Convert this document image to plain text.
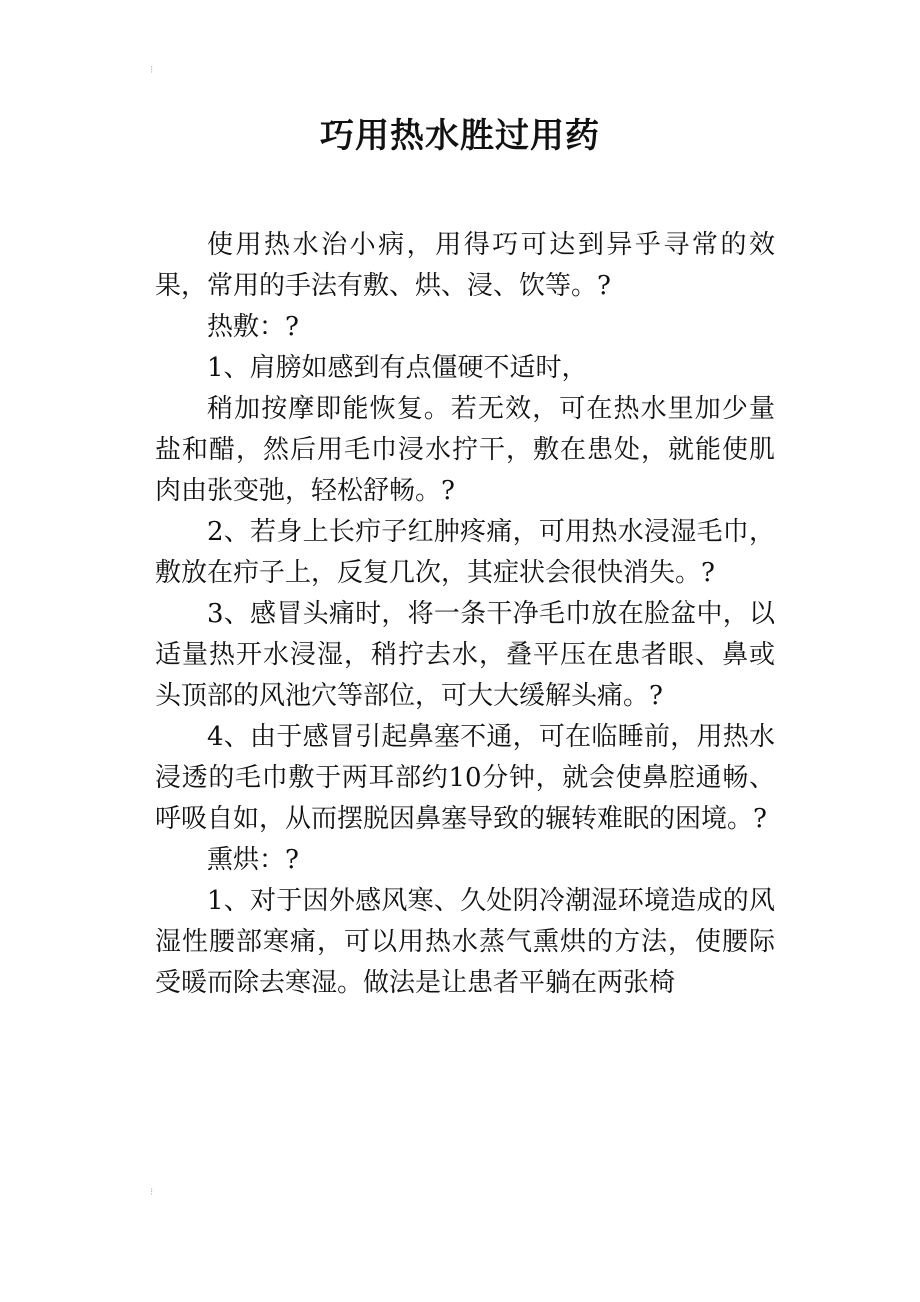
⁝
⁝
巧用热水胜过用药

使用热水治小病，用得巧可达到异乎寻常的效果，常用的手法有敷、烘、浸、饮等。?

热敷：?

1、肩膀如感到有点僵硬不适时，

稍加按摩即能恢复。若无效，可在热水里加少量盐和醋，然后用毛巾浸水拧干，敷在患处，就能使肌肉由张变弛，轻松舒畅。?

2、若身上长疖子红肿疼痛，可用热水浸湿毛巾，敷放在疖子上，反复几次，其症状会很快消失。?

3、感冒头痛时，将一条干净毛巾放在脸盆中，以适量热开水浸湿，稍拧去水，叠平压在患者眼、鼻或头顶部的风池穴等部位，可大大缓解头痛。?

4、由于感冒引起鼻塞不通，可在临睡前，用热水浸透的毛巾敷于两耳部约10分钟，就会使鼻腔通畅、呼吸自如，从而摆脱因鼻塞导致的辗转难眠的困境。?

熏烘：?

1、对于因外感风寒、久处阴冷潮湿环境造成的风湿性腰部寒痛，可以用热水蒸气熏烘的方法，使腰际受暖而除去寒湿。做法是让患者平躺在两张椅
